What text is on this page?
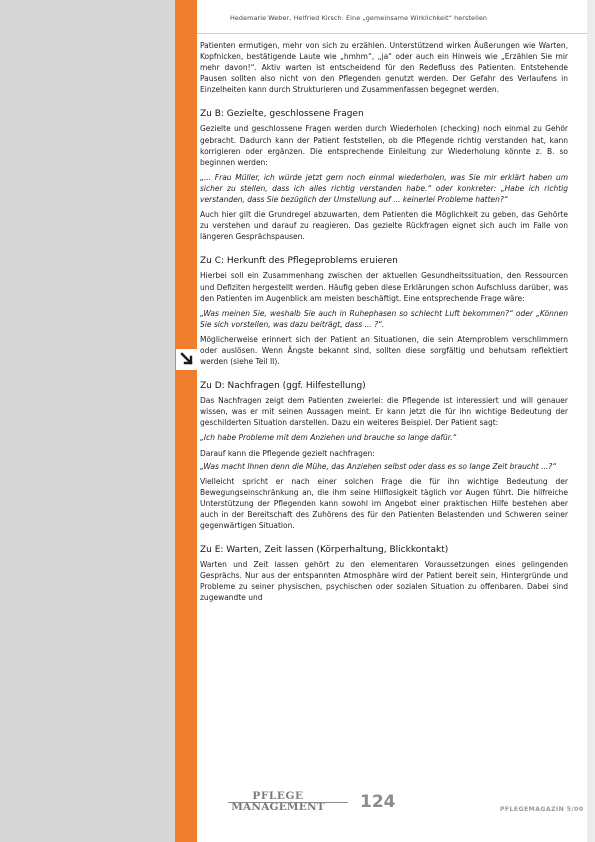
Hedemarie Weber, Helfried Kirsch: Eine „gemeinsame Wirklichkeit“ herstellen

Patienten ermutigen, mehr von sich zu erzählen. Unterstützend wirken Äußerungen wie Warten, Kopfnicken, bestätigende Laute wie „hmhm“, „ja“ oder auch ein Hinweis wie „Erzählen Sie mir mehr davon!“. Aktiv warten ist entscheidend für den Redefluss des Patienten. Entstehende Pausen sollten also nicht von den Pflegenden genutzt werden. Der Gefahr des Verlaufens in Einzelheiten kann durch Strukturieren und Zusammenfassen begegnet werden.

Zu B: Gezielte, geschlossene Fragen

Gezielte und geschlossene Fragen werden durch Wiederholen (checking) noch einmal zu Gehör gebracht. Dadurch kann der Patient feststellen, ob die Pflegende richtig verstanden hat, kann korrigieren oder ergänzen. Die entsprechende Einleitung zur Wiederholung könnte z. B. so beginnen werden:

„... Frau Müller, ich würde jetzt gern noch einmal wiederholen, was Sie mir erklärt haben um sicher zu stellen, dass ich alles richtig verstanden habe.“ oder konkreter: „Habe ich richtig verstanden, dass Sie bezüglich der Umstellung auf ... keinerlei Probleme hatten?“

Auch hier gilt die Grundregel abzuwarten, dem Patienten die Möglichkeit zu geben, das Gehörte zu verstehen und darauf zu reagieren. Das gezielte Rückfragen eignet sich auch im Falle von längeren Gesprächspausen.

Zu C: Herkunft des Pflegeproblems eruieren

Hierbei soll ein Zusammenhang zwischen der aktuellen Gesundheitssituation, den Ressourcen und Defiziten hergestellt werden. Häufig geben diese Erklärungen schon Aufschluss darüber, was den Patienten im Augenblick am meisten beschäftigt. Eine entsprechende Frage wäre:

„Was meinen Sie, weshalb Sie auch in Ruhephasen so schlecht Luft bekommen?“ oder „Können Sie sich vorstellen, was dazu beiträgt, dass ... ?“.

Möglicherweise erinnert sich der Patient an Situationen, die sein Atemproblem verschlimmern oder auslösen. Wenn Ängste bekannt sind, sollten diese sorgfältig und behutsam reflektiert werden (siehe Teil II).

Zu D: Nachfragen (ggf. Hilfestellung)

Das Nachfragen zeigt dem Patienten zweierlei: die Pflegende ist interessiert und will genauer wissen, was er mit seinen Aussagen meint. Er kann jetzt die für ihn wichtige Bedeutung der geschilderten Situation darstellen. Dazu ein weiteres Beispiel. Der Patient sagt:

„Ich habe Probleme mit dem Anziehen und brauche so lange dafür.“

Darauf kann die Pflegende gezielt nachfragen:

„Was macht Ihnen denn die Mühe, das Anziehen selbst oder dass es so lange Zeit braucht ...?“

Vielleicht spricht er nach einer solchen Frage die für ihn wichtige Bedeutung der Bewegungseinschränkung an, die ihm seine Hilflosigkeit täglich vor Augen führt. Die hilfreiche Unterstützung der Pflegenden kann sowohl im Angebot einer praktischen Hilfe bestehen aber auch in der Bereitschaft des Zuhörens des für den Patienten Belastenden und Schweren seiner gegenwärtigen Situation.

Zu E: Warten, Zeit lassen (Körperhaltung, Blickkontakt)

Warten und Zeit lassen gehört zu den elementaren Voraussetzungen eines gelingenden Gesprächs. Nur aus der entspannten Atmosphäre wird der Patient bereit sein, Hintergründe und Probleme zu seiner physischen, psychischen oder sozialen Situation zu offenbaren. Dabei sind zugewandte und

PFLEGE
MANAGEMENT 124	PFLEGEMAGAZIN 5/00
